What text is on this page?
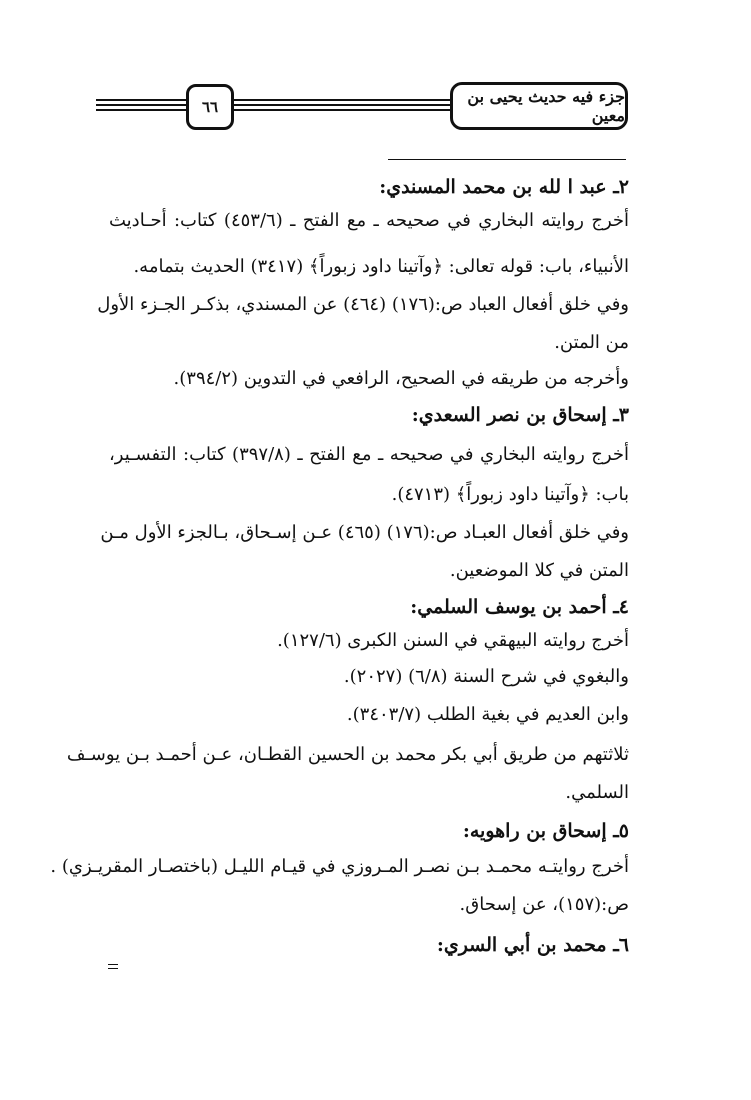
٦٦
جزء فيه حديث يحيى بن معين
٢ـ عبد ا لله بن محمد المسندي:
أخرج روايته البخاري في صحيحه ـ مع الفتح ـ (٤٥٣/٦) كتاب: أحـاديث
الأنبياء، باب: قوله تعالى: ﴿وآتينا داود زبوراً﴾ (٣٤١٧) الحديث بتمامه.
وفي خلق أفعال العباد ص:(١٧٦) (٤٦٤) عن المسندي، بذكـر الجـزء الأول
من المتن.
وأخرجه من طريقه في الصحيح، الرافعي في التدوين (٣٩٤/٢).
٣ـ إسحاق بن نصر السعدي:
أخرج روايته البخاري في صحيحه ـ مع الفتح ـ (٣٩٧/٨) كتاب: التفسـير،
باب: ﴿وآتينا داود زبوراً﴾ (٤٧١٣).
وفي خلق أفعال العبـاد ص:(١٧٦) (٤٦٥) عـن إسـحاق، بـالجزء الأول مـن
المتن في كلا الموضعين.
٤ـ أحمد بن يوسف السلمي:
أخرج روايته البيهقي في السنن الكبرى (١٢٧/٦).
والبغوي في شرح السنة (٦/٨) (٢٠٢٧).
وابن العديم في بغية الطلب (٣٤٠٣/٧).
ثلاثتهم من طريق أبي بكر محمد بن الحسين القطـان، عـن أحمـد بـن يوسـف
السلمي.
٥ـ إسحاق بن راهويه:
أخرج روايتـه محمـد بـن نصـر المـروزي في قيـام الليـل (باختصـار المقريـزي) .
ص:(١٥٧)، عن إسحاق.
٦ـ محمد بن أبي السري:
